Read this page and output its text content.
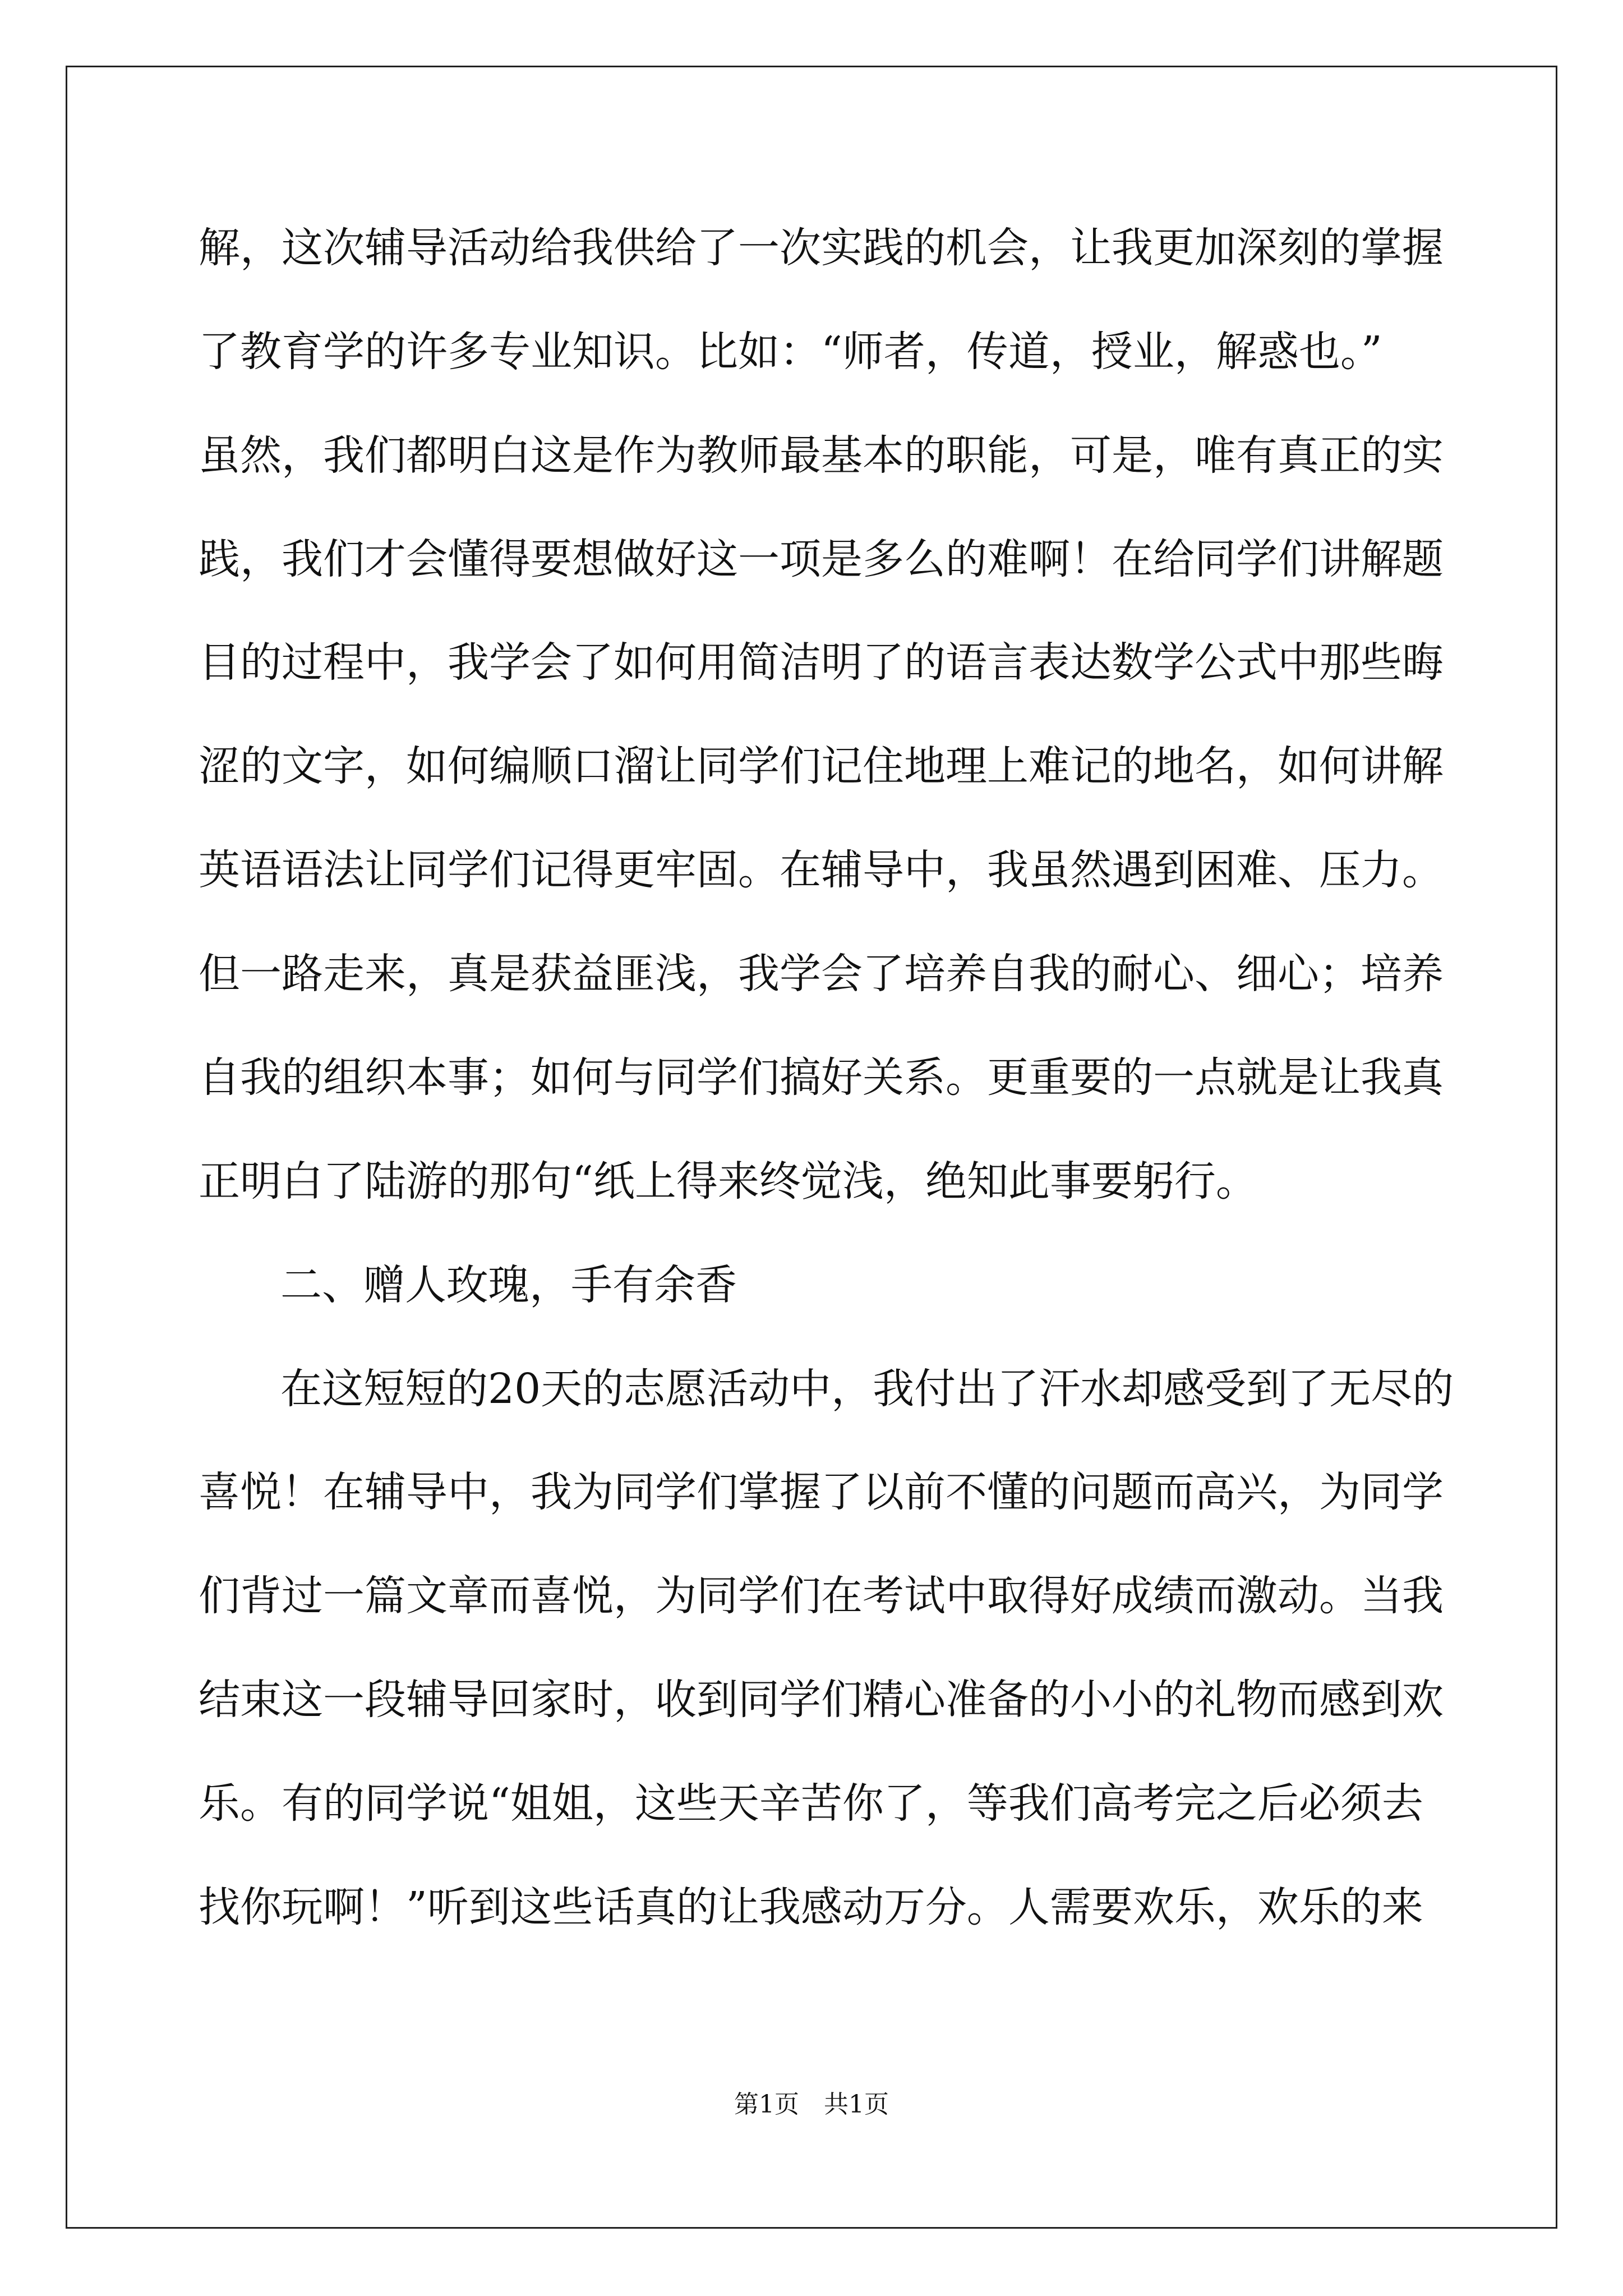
解，这次辅导活动给我供给了一次实践的机会，让我更加深刻的掌握
了教育学的许多专业知识。比如：“师者，传道，授业，解惑也。”
虽然，我们都明白这是作为教师最基本的职能，可是，唯有真正的实
践，我们才会懂得要想做好这一项是多么的难啊！在给同学们讲解题
目的过程中，我学会了如何用简洁明了的语言表达数学公式中那些晦
涩的文字，如何编顺口溜让同学们记住地理上难记的地名，如何讲解
英语语法让同学们记得更牢固。在辅导中，我虽然遇到困难、压力。
但一路走来，真是获益匪浅，我学会了培养自我的耐心、细心；培养
自我的组织本事；如何与同学们搞好关系。更重要的一点就是让我真
正明白了陆游的那句“纸上得来终觉浅，绝知此事要躬行。
二、赠人玫瑰，手有余香
在这短短的20天的志愿活动中，我付出了汗水却感受到了无尽的
喜悦！在辅导中，我为同学们掌握了以前不懂的问题而高兴，为同学
们背过一篇文章而喜悦，为同学们在考试中取得好成绩而激动。当我
结束这一段辅导回家时，收到同学们精心准备的小小的礼物而感到欢
乐。有的同学说“姐姐，这些天辛苦你了，等我们高考完之后必须去
找你玩啊！”听到这些话真的让我感动万分。人需要欢乐，欢乐的来
第1页　共1页
